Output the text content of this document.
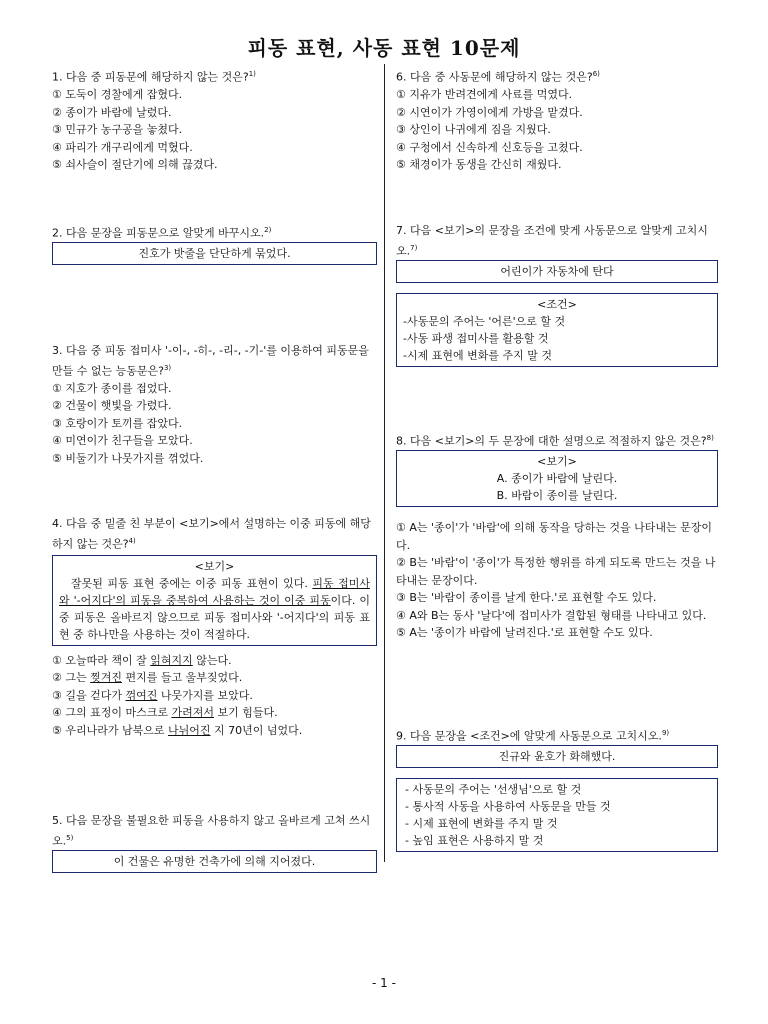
피동 표현, 사동 표현 10문제
1. 다음 중 피동문에 해당하지 않는 것은?$^{1)}$
① 도둑이 경찰에게 잡혔다.
② 종이가 바람에 날렸다.
③ 민규가 농구공을 놓쳤다.
④ 파리가 개구리에게 먹혔다.
⑤ 쇠사슬이 절단기에 의해 끊겼다.
2. 다음 문장을 피동문으로 알맞게 바꾸시오.$^{2)}$
진호가 밧줄을 단단하게 묶었다.
3. 다음 중 피동 접미사 '-이-, -히-, -리-, -기-'를 이용하여 피동문을 만들 수 없는 능동문은?$^{3)}$
① 지호가 종이를 접었다.
② 건물이 햇빛을 가렸다.
③ 호랑이가 토끼를 잡았다.
④ 미연이가 친구들을 모았다.
⑤ 비둘기가 나뭇가지를 꺾었다.
4. 다음 중 밑줄 친 부분이 <보기>에서 설명하는 이중 피동에 해당하지 않는 것은?$^{4)}$
<보기>
잘못된 피동 표현 중에는 이중 피동 표현이 있다. 피동 접미사와 '-어지다'의 피동을 중복하여 사용하는 것이 이중 피동이다. 이중 피동은 올바르지 않으므로 피동 접미사와 '-어지다'의 피동 표현 중 하나만을 사용하는 것이 적절하다.
① 오늘따라 책이 잘 읽혀지지 않는다.
② 그는 찢겨진 편지를 들고 울부짖었다.
③ 길을 걷다가 꺾여진 나뭇가지를 보았다.
④ 그의 표정이 마스크로 가려져서 보기 힘들다.
⑤ 우리나라가 남북으로 나뉘어진 지 70년이 넘었다.
5. 다음 문장을 불필요한 피동을 사용하지 않고 올바르게 고쳐 쓰시오.$^{5)}$
이 건물은 유명한 건축가에 의해 지어졌다.
6. 다음 중 사동문에 해당하지 않는 것은?$^{6)}$
① 지유가 반려견에게 사료를 먹였다.
② 시연이가 가영이에게 가방을 맡겼다.
③ 상인이 나귀에게 짐을 지웠다.
④ 구청에서 신속하게 신호등을 고쳤다.
⑤ 채경이가 동생을 간신히 재웠다.
7. 다음 <보기>의 문장을 조건에 맞게 사동문으로 알맞게 고치시오.$^{7)}$
어린이가 자동차에 탄다
<조건>
-사동문의 주어는 '어른'으로 할 것
-사동 파생 접미사를 활용할 것
-시제 표현에 변화를 주지 말 것
8. 다음 <보기>의 두 문장에 대한 설명으로 적절하지 않은 것은?$^{8)}$
<보기>
A. 종이가 바람에 날린다.
B. 바람이 종이를 날린다.
① A는 '종이'가 '바람'에 의해 동작을 당하는 것을 나타내는 문장이다.
② B는 '바람'이 '종이'가 특정한 행위를 하게 되도록 만드는 것을 나타내는 문장이다.
③ B는 '바람이 종이를 날게 한다.'로 표현할 수도 있다.
④ A와 B는 동사 '날다'에 접미사가 결합된 형태를 나타내고 있다.
⑤ A는 '종이가 바람에 날려진다.'로 표현할 수도 있다.
9. 다음 문장을 <조건>에 알맞게 사동문으로 고치시오.$^{9)}$
진규와 윤호가 화해했다.
- 사동문의 주어는 '선생님'으로 할 것
- 통사적 사동을 사용하여 사동문을 만들 것
- 시제 표현에 변화를 주지 말 것
- 높임 표현은 사용하지 말 것
- 1 -
